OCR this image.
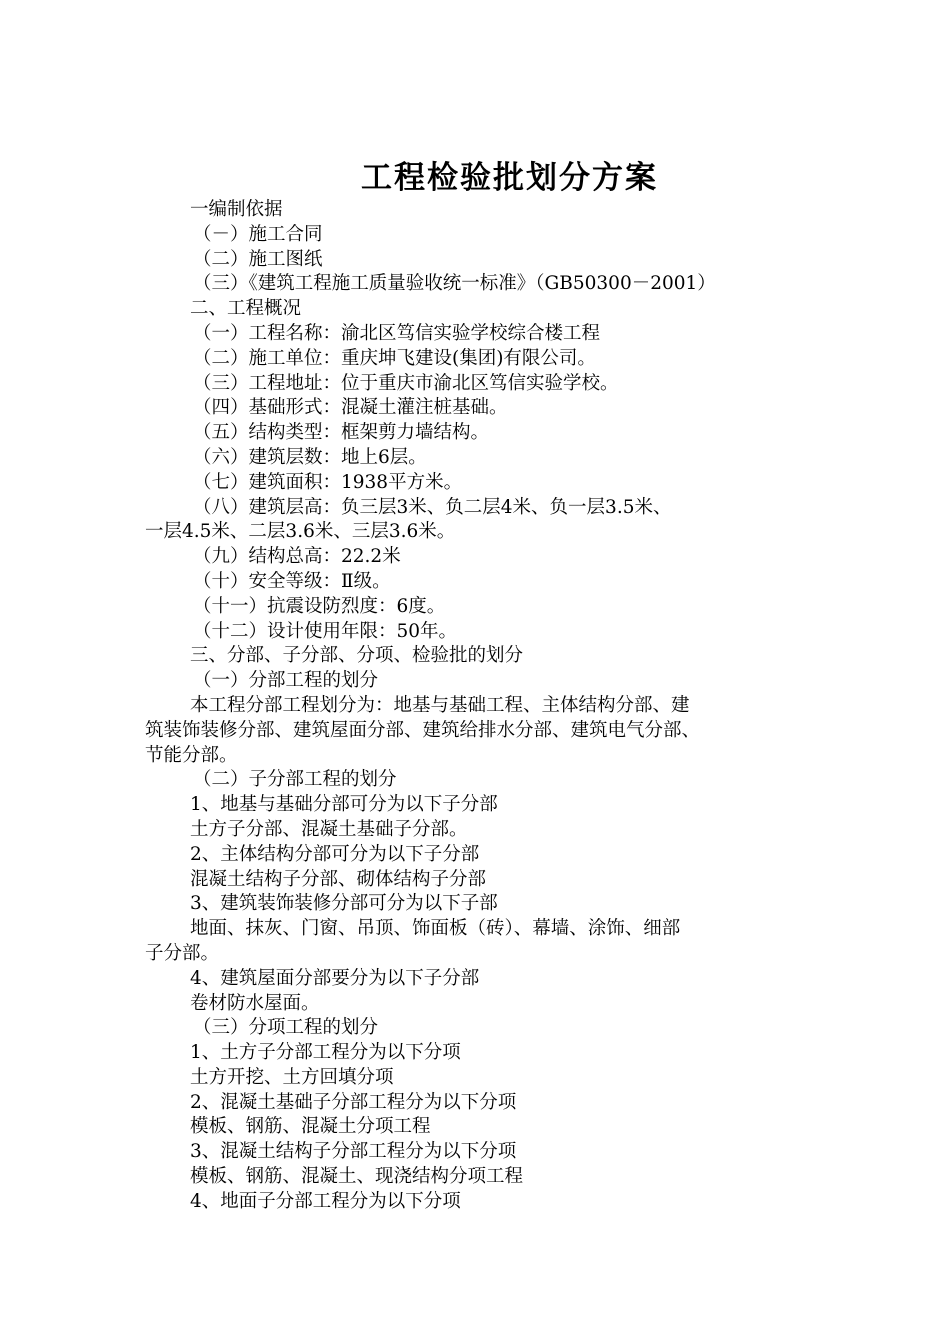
工程检验批划分方案
一编制依据
（－）施工合同
（二）施工图纸
（三）《建筑工程施工质量验收统一标准》（GB50300－2001）
二、工程概况
（一）工程名称：渝北区笃信实验学校综合楼工程
（二）施工单位：重庆坤飞建设(集团)有限公司。
（三）工程地址：位于重庆市渝北区笃信实验学校。
（四）基础形式：混凝土灌注桩基础。
（五）结构类型：框架剪力墙结构。
（六）建筑层数：地上6层。
（七）建筑面积：1938平方米。
（八）建筑层高：负三层3米、负二层4米、负一层3.5米、
一层4.5米、二层3.6米、三层3.6米。
（九）结构总高：22.2米
（十）安全等级：Ⅱ级。
（十一）抗震设防烈度：6度。
（十二）设计使用年限：50年。
三、分部、子分部、分项、检验批的划分
（一）分部工程的划分
本工程分部工程划分为：地基与基础工程、主体结构分部、建
筑装饰装修分部、建筑屋面分部、建筑给排水分部、建筑电气分部、
节能分部。
（二）子分部工程的划分
1、地基与基础分部可分为以下子分部
土方子分部、混凝土基础子分部。
2、主体结构分部可分为以下子分部
混凝土结构子分部、砌体结构子分部
3、建筑装饰装修分部可分为以下子部
地面、抹灰、门窗、吊顶、饰面板（砖）、幕墙、涂饰、细部
子分部。
4、建筑屋面分部要分为以下子分部
卷材防水屋面。
（三）分项工程的划分
1、土方子分部工程分为以下分项
土方开挖、土方回填分项
2、混凝土基础子分部工程分为以下分项
模板、钢筋、混凝土分项工程
3、混凝土结构子分部工程分为以下分项
模板、钢筋、混凝土、现浇结构分项工程
4、地面子分部工程分为以下分项
